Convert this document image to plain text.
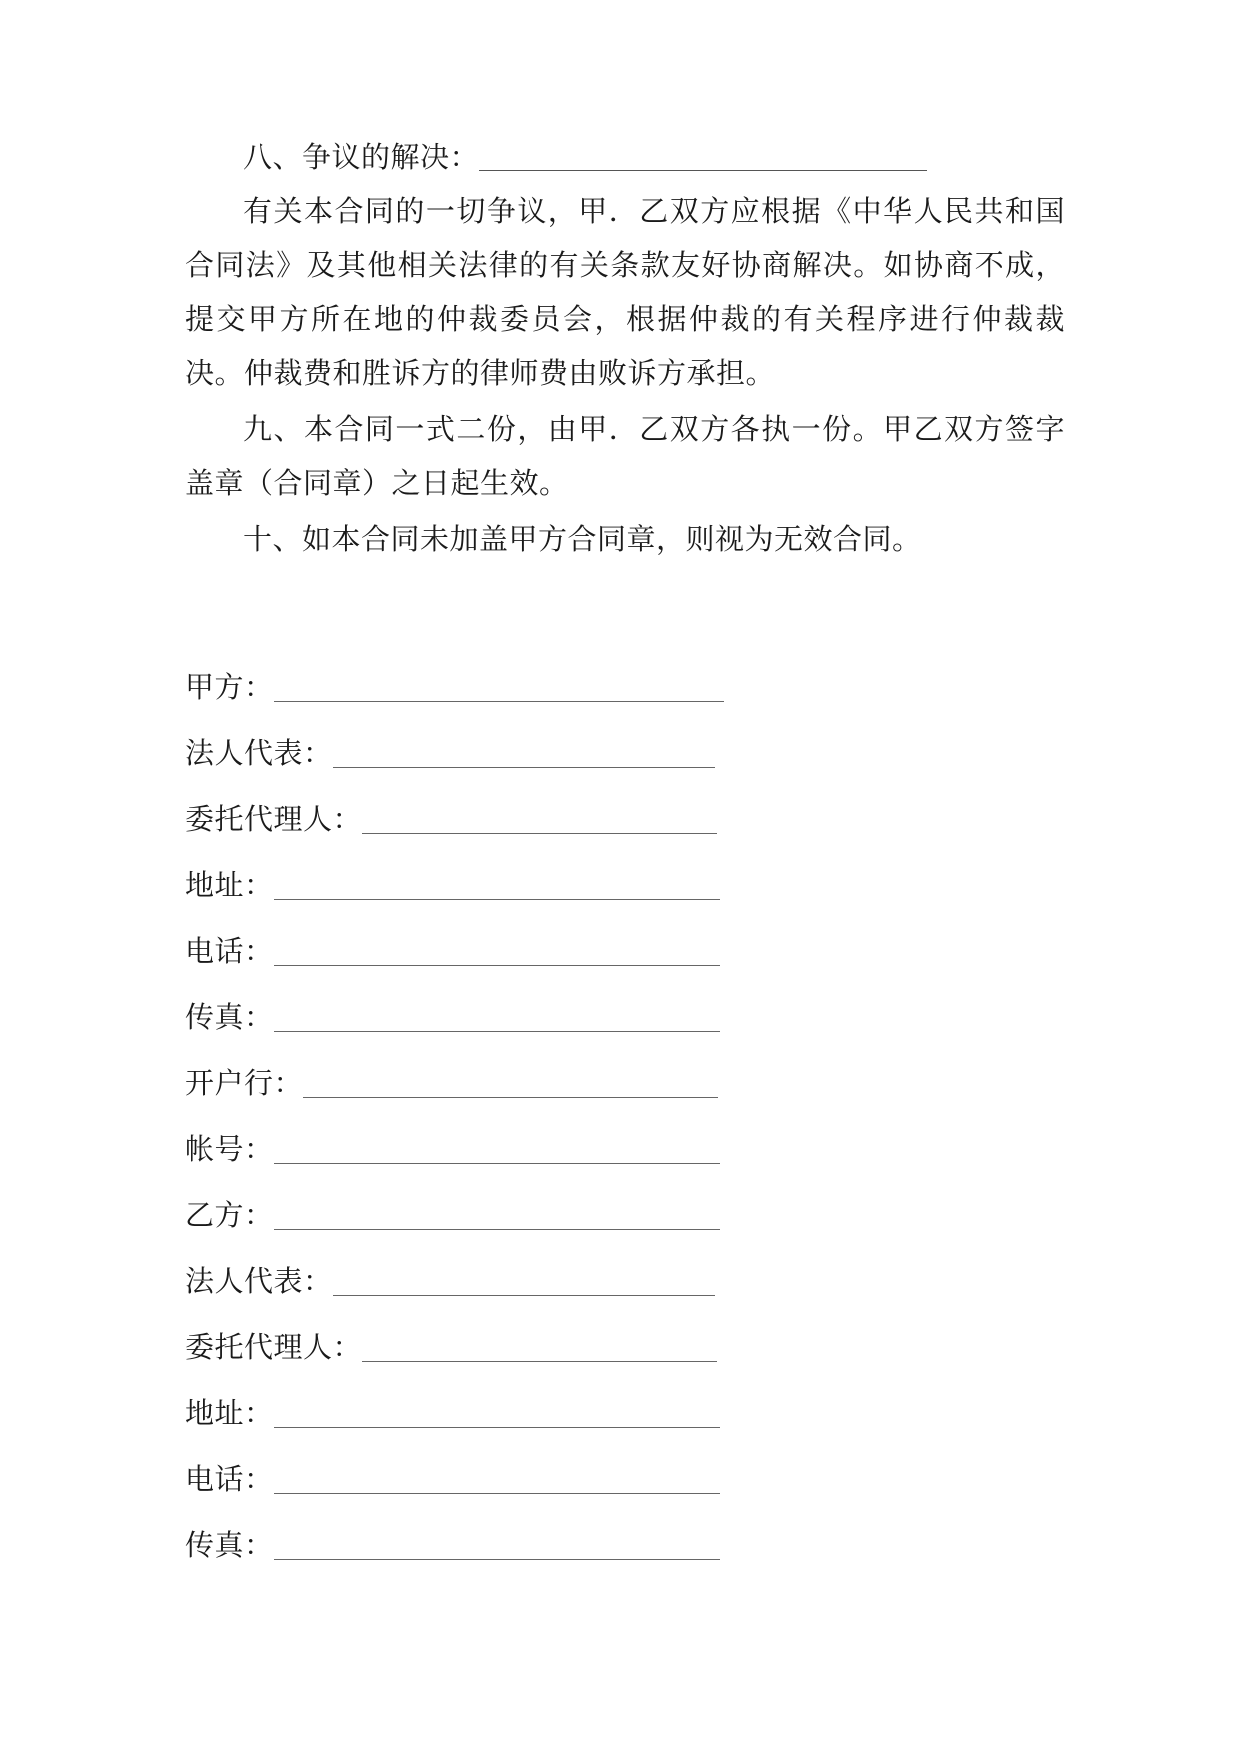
八、争议的解决：

有关本合同的一切争议，甲．乙双方应根据《中华人民共和国合同法》及其他相关法律的有关条款友好协商解决。如协商不成，提交甲方所在地的仲裁委员会，根据仲裁的有关程序进行仲裁裁决。仲裁费和胜诉方的律师费由败诉方承担。

九、本合同一式二份，由甲．乙双方各执一份。甲乙双方签字盖章（合同章）之日起生效。

十、如本合同未加盖甲方合同章，则视为无效合同。

甲方：

法人代表：

委托代理人：

地址：

电话：

传真：

开户行：

帐号：

乙方：

法人代表：

委托代理人：

地址：

电话：

传真：
